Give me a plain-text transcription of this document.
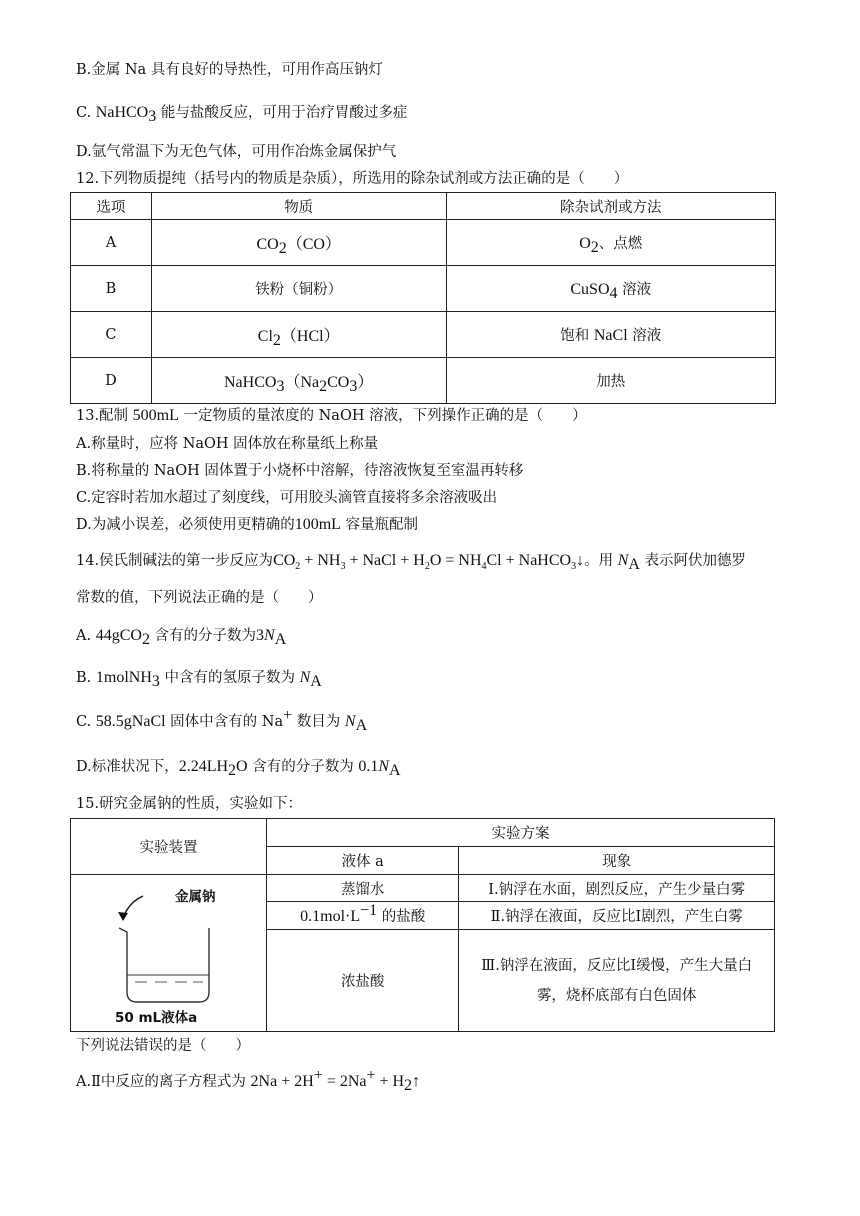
B.金属 Na 具有良好的导热性，可用作高压钠灯
C. NaHCO$_3$ 能与盐酸反应，可用于治疗胃酸过多症
D.氩气常温下为无色气体，可用作冶炼金属保护气
12.下列物质提纯（括号内的物质是杂质），所选用的除杂试剂或方法正确的是（　　）
选项	物质	除杂试剂或方法
A	$CO_2(CO)$	$O_2$、点燃
B	铁粉（铜粉）	CuSO$_4$ 溶液
C	$Cl_2(HCl)$	饱和 NaCl 溶液
D	$NaHCO_3(Na_2CO_3)$	加热
13.配制 500mL 一定物质的量浓度的 NaOH 溶液，下列操作正确的是（　　）
A.称量时，应将 NaOH 固体放在称量纸上称量
B.将称量的 NaOH 固体置于小烧杯中溶解，待溶液恢复至室温再转移
C.定容时若加水超过了刻度线，可用胶头滴管直接将多余溶液吸出
D.为减小误差，必须使用更精确的100mL 容量瓶配制
14.侯氏制碱法的第一步反应为$CO_2 + NH_3$ + NaCl + $H_2O = NH_4Cl$ + NaHCO$_3$↓。用 $N_A$ 表示阿伏加德罗
常数的值，下列说法正确的是（　　）
A. 44gCO$_2$ 含有的分子数为$3N_A$
B. 1molNH$_3$ 中含有的氢原子数为 $N_A$
C. 58.5gNaCl 固体中含有的 Na+ 数目为 $N_A$
D.标准状况下，$2.24LH_2O$ 含有的分子数为 $0.1N_A$
15.研究金属钠的性质，实验如下：
实验装置	实验方案	
	液体 a	现象

金属钠
50 mL液体a	蒸馏水	Ⅰ.钠浮在水面，剧烈反应，产生少量白雾
	$0.1mol\cdot L^{-1}$ 的盐酸	Ⅱ.钠浮在液面，反应比Ⅰ剧烈，产生白雾
	浓盐酸	Ⅲ.钠浮在液面，反应比Ⅰ缓慢，产生大量白雾，烧杯底部有白色固体
下列说法错误的是（　　）
A.Ⅱ中反应的离子方程式为 $2Na + 2H^+ = 2Na^+ + H_2↑$
